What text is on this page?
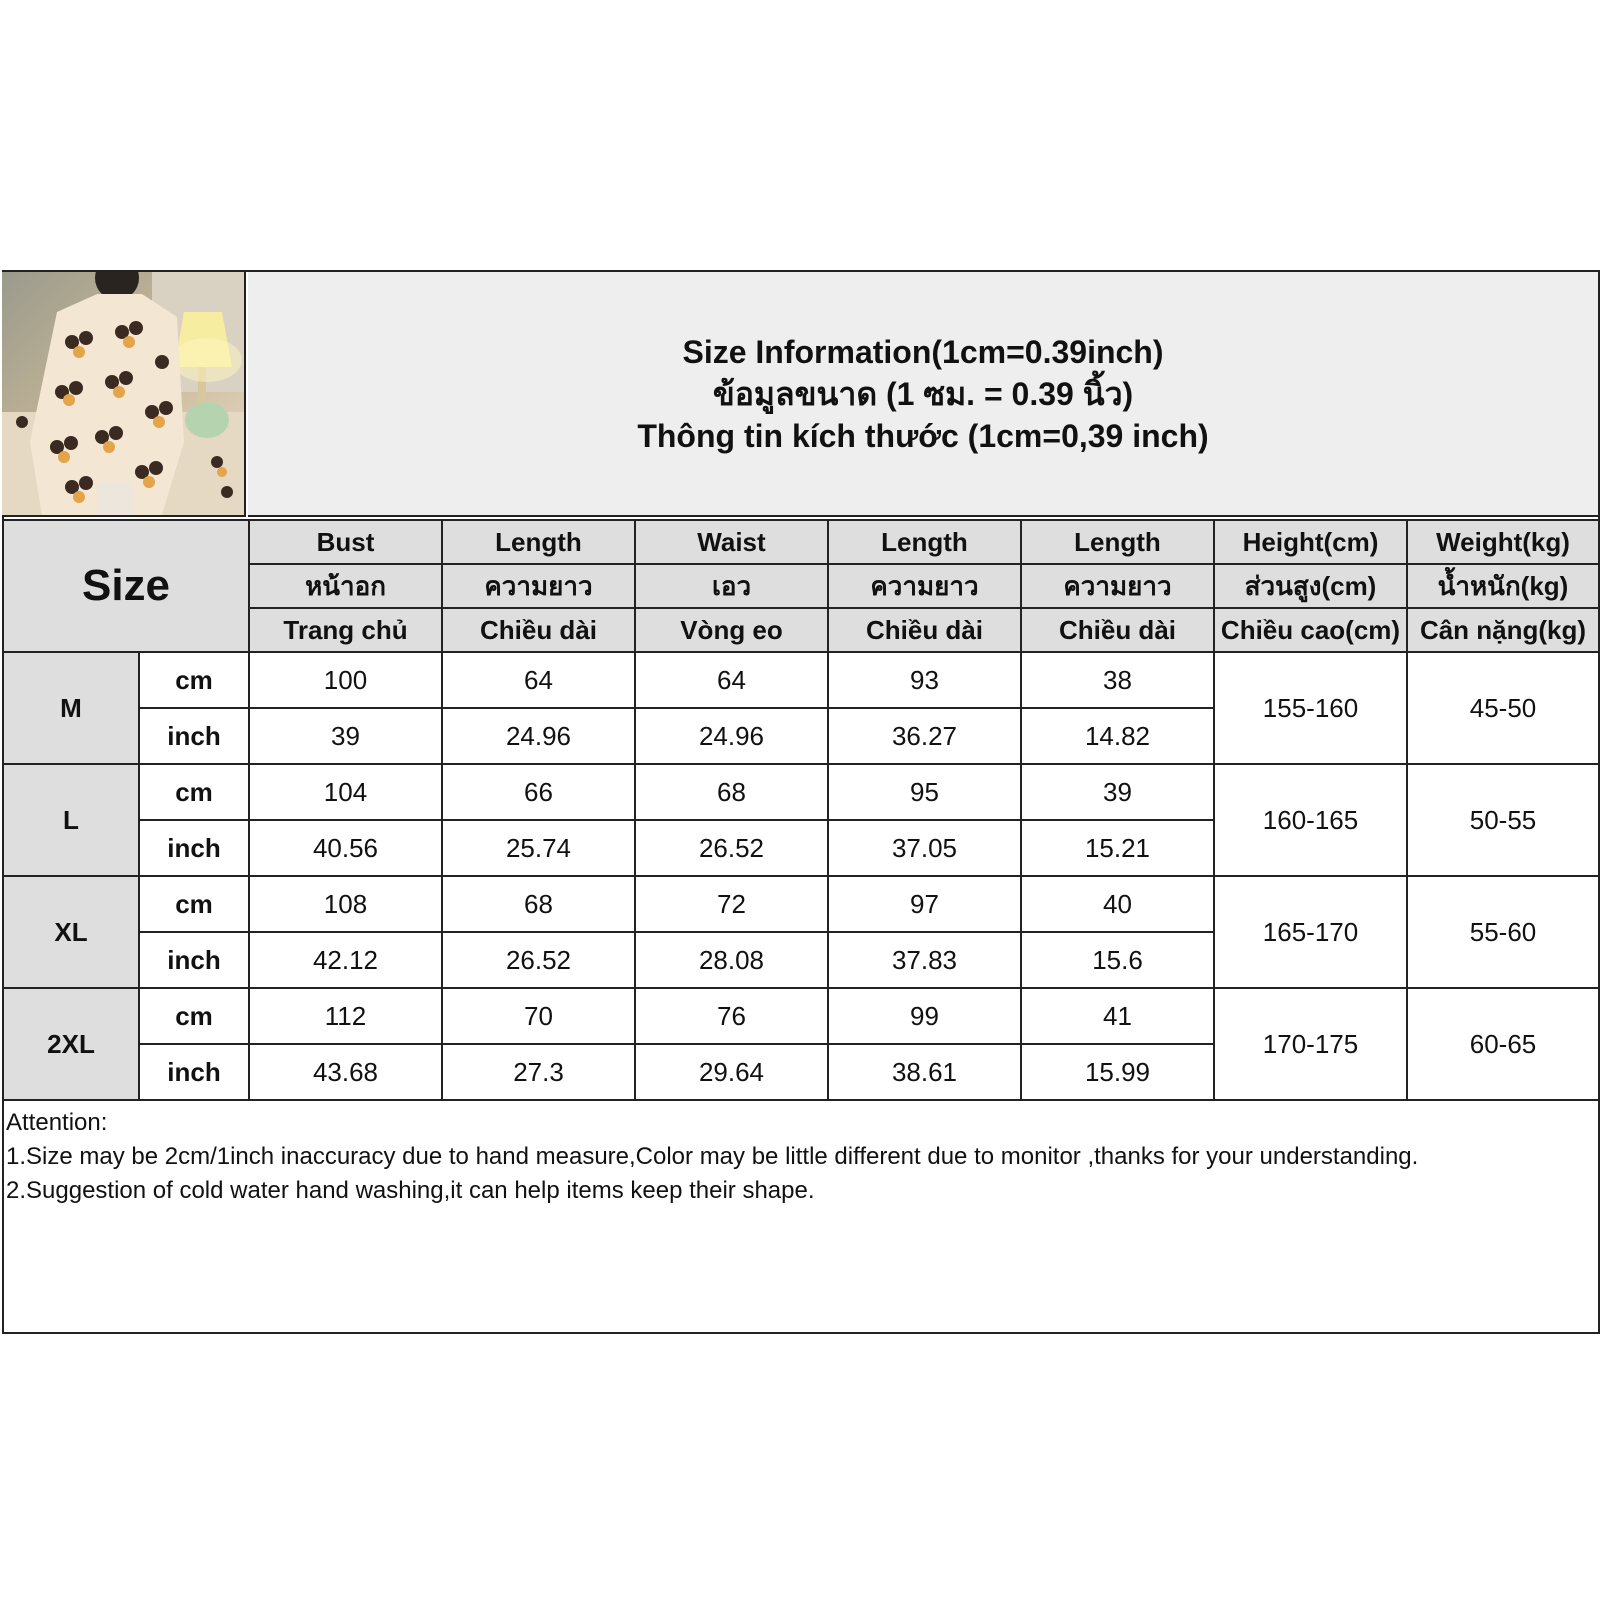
Size Information(1cm=0.39inch)
ข้อมูลขนาด (1 ซม. = 0.39 นิ้ว)
Thông tin kích thước (1cm=0,39 inch)
Size		Bust	Length	Waist	Length	Length	Height(cm)	Weight(kg)
		หน้าอก	ความยาว	เอว	ความยาว	ความยาว	ส่วนสูง(cm)	น้ำหนัก(kg)
		Trang chủ	Chiều dài	Vòng eo	Chiều dài	Chiều dài	Chiều cao(cm)	Cân nặng(kg)
M	cm	100	64	64	93	38	155-160	45-50
	inch	39	24.96	24.96	36.27	14.82		
L	cm	104	66	68	95	39	160-165	50-55
	inch	40.56	25.74	26.52	37.05	15.21		
XL	cm	108	68	72	97	40	165-170	55-60
	inch	42.12	26.52	28.08	37.83	15.6		
2XL	cm	112	70	76	99	41	170-175	60-65
	inch	43.68	27.3	29.64	38.61	15.99		
Attention:
1.Size may be 2cm/1inch inaccuracy due to hand measure,Color may be little different due to monitor ,thanks for your understanding.
2.Suggestion of cold water hand washing,it can help items keep their shape.
